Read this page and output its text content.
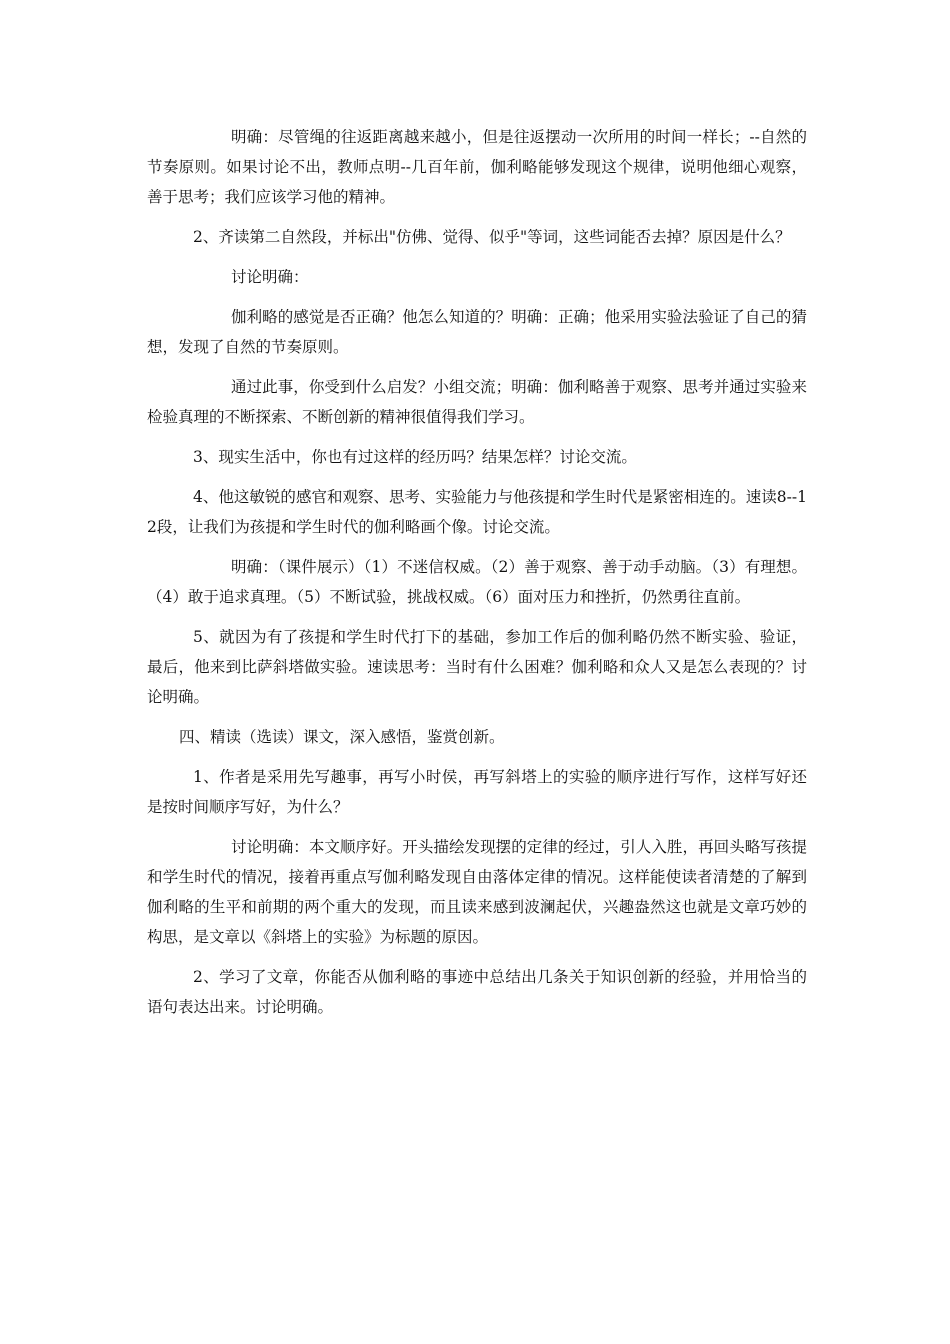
明确：尽管绳的往返距离越来越小，但是往返摆动一次所用的时间一样长；--自然的节奏原则。如果讨论不出，教师点明--几百年前，伽利略能够发现这个规律，说明他细心观察，善于思考；我们应该学习他的精神。

2、齐读第二自然段，并标出"仿佛、觉得、似乎"等词，这些词能否去掉？原因是什么？

讨论明确：

伽利略的感觉是否正确？他怎么知道的？明确：正确；他采用实验法验证了自己的猜想，发现了自然的节奏原则。

通过此事，你受到什么启发？小组交流；明确：伽利略善于观察、思考并通过实验来检验真理的不断探索、不断创新的精神很值得我们学习。

3、现实生活中，你也有过这样的经历吗？结果怎样？讨论交流。

4、他这敏锐的感官和观察、思考、实验能力与他孩提和学生时代是紧密相连的。速读8--12段，让我们为孩提和学生时代的伽利略画个像。讨论交流。

明确：（课件展示）（1）不迷信权威。（2）善于观察、善于动手动脑。（3）有理想。（4）敢于追求真理。（5）不断试验，挑战权威。（6）面对压力和挫折，仍然勇往直前。

5、就因为有了孩提和学生时代打下的基础，参加工作后的伽利略仍然不断实验、验证，最后，他来到比萨斜塔做实验。速读思考：当时有什么困难？伽利略和众人又是怎么表现的？讨论明确。

四、精读（选读）课文，深入感悟，鉴赏创新。

1、作者是采用先写趣事，再写小时侯，再写斜塔上的实验的顺序进行写作，这样写好还是按时间顺序写好，为什么？

讨论明确：本文顺序好。开头描绘发现摆的定律的经过，引人入胜，再回头略写孩提和学生时代的情况，接着再重点写伽利略发现自由落体定律的情况。这样能使读者清楚的了解到伽利略的生平和前期的两个重大的发现，而且读来感到波澜起伏，兴趣盎然这也就是文章巧妙的构思，是文章以《斜塔上的实验》为标题的原因。

2、学习了文章，你能否从伽利略的事迹中总结出几条关于知识创新的经验，并用恰当的语句表达出来。讨论明确。
